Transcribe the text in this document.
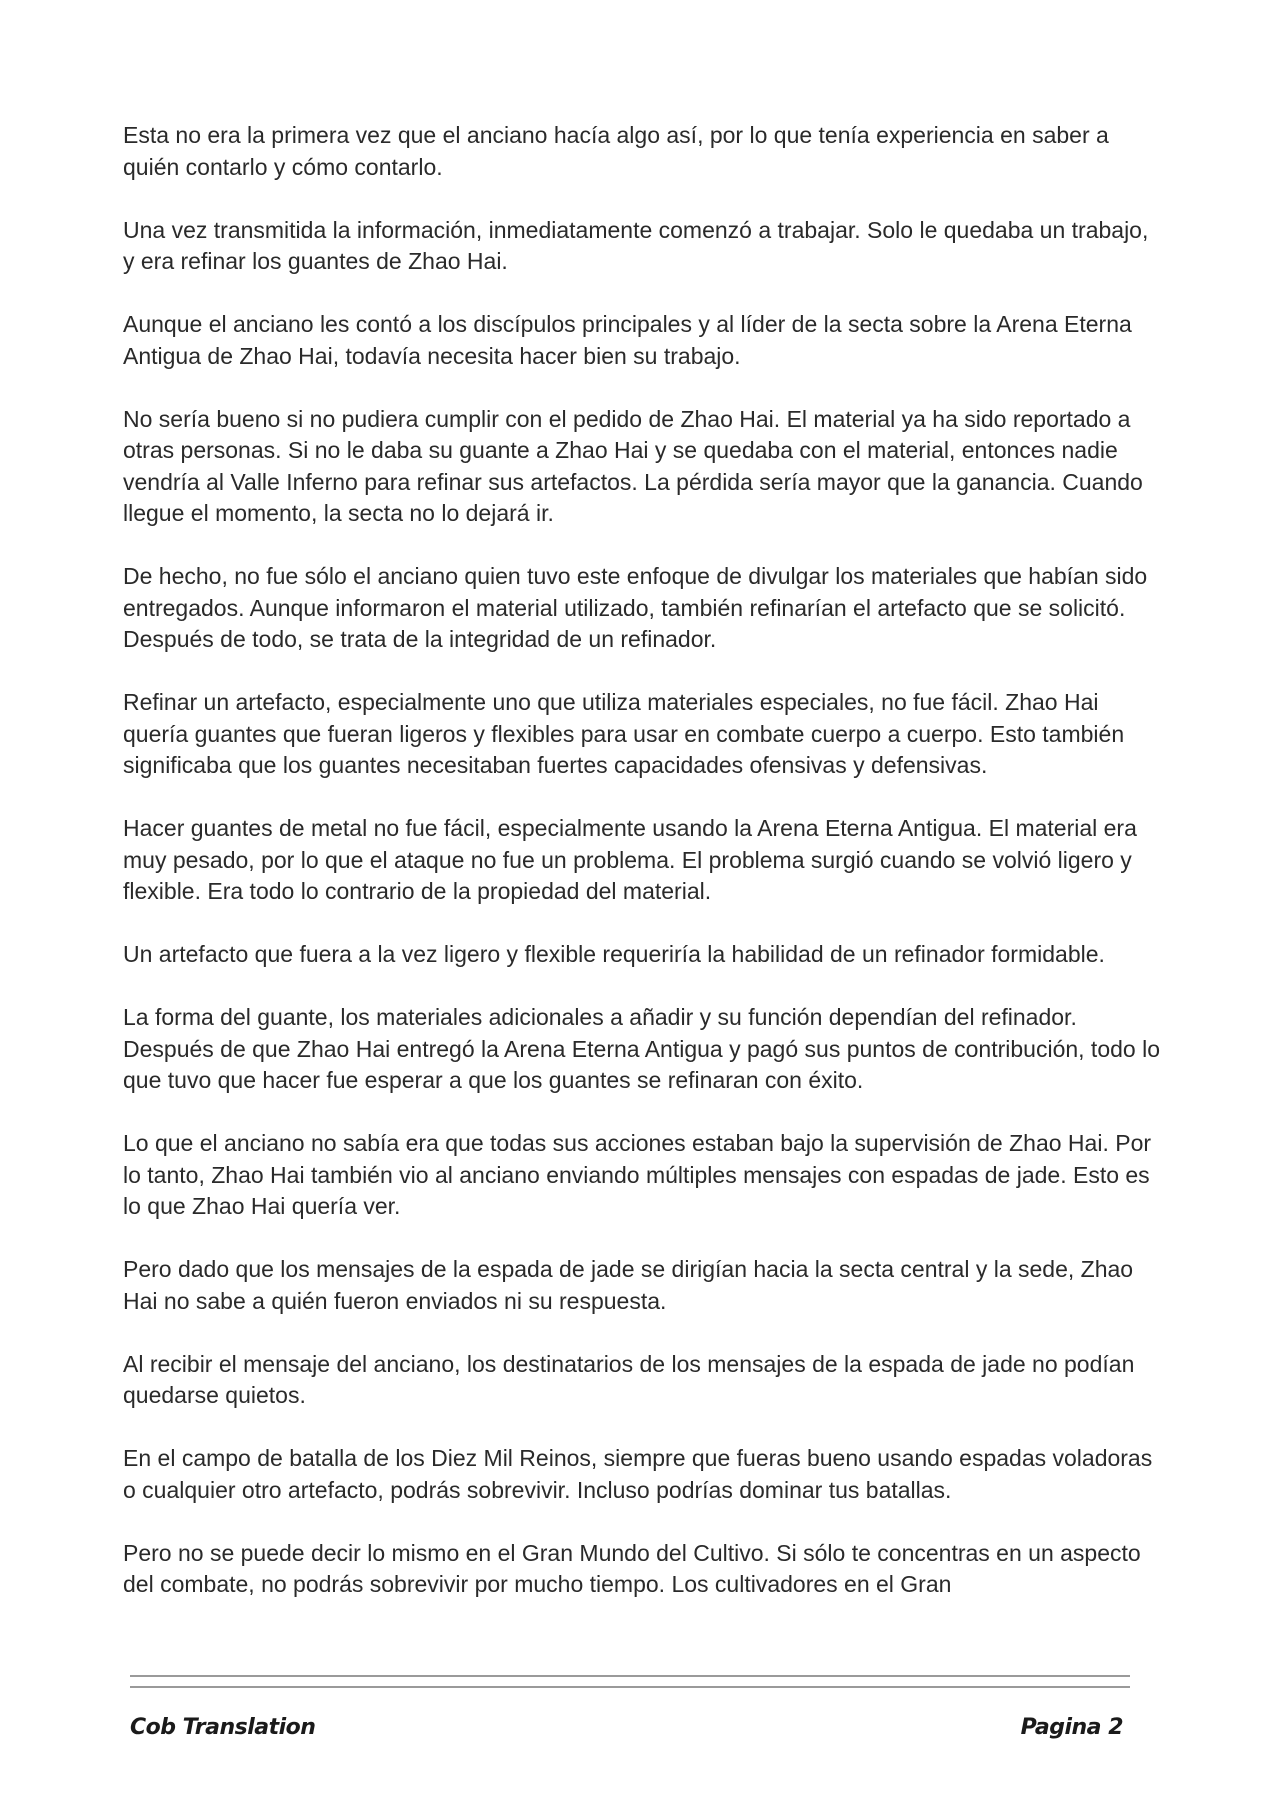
Esta no era la primera vez que el anciano hacía algo así, por lo que tenía experiencia en saber a quién contarlo y cómo contarlo.

Una vez transmitida la información, inmediatamente comenzó a trabajar. Solo le quedaba un trabajo, y era refinar los guantes de Zhao Hai.

Aunque el anciano les contó a los discípulos principales y al líder de la secta sobre la Arena Eterna Antigua de Zhao Hai, todavía necesita hacer bien su trabajo.

No sería bueno si no pudiera cumplir con el pedido de Zhao Hai. El material ya ha sido reportado a otras personas. Si no le daba su guante a Zhao Hai y se quedaba con el material, entonces nadie vendría al Valle Inferno para refinar sus artefactos. La pérdida sería mayor que la ganancia. Cuando llegue el momento, la secta no lo dejará ir.

De hecho, no fue sólo el anciano quien tuvo este enfoque de divulgar los materiales que habían sido entregados. Aunque informaron el material utilizado, también refinarían el artefacto que se solicitó. Después de todo, se trata de la integridad de un refinador.

Refinar un artefacto, especialmente uno que utiliza materiales especiales, no fue fácil. Zhao Hai quería guantes que fueran ligeros y flexibles para usar en combate cuerpo a cuerpo. Esto también significaba que los guantes necesitaban fuertes capacidades ofensivas y defensivas.

Hacer guantes de metal no fue fácil, especialmente usando la Arena Eterna Antigua. El material era muy pesado, por lo que el ataque no fue un problema. El problema surgió cuando se volvió ligero y flexible. Era todo lo contrario de la propiedad del material.

Un artefacto que fuera a la vez ligero y flexible requeriría la habilidad de un refinador formidable.

La forma del guante, los materiales adicionales a añadir y su función dependían del refinador. Después de que Zhao Hai entregó la Arena Eterna Antigua y pagó sus puntos de contribución, todo lo que tuvo que hacer fue esperar a que los guantes se refinaran con éxito.

Lo que el anciano no sabía era que todas sus acciones estaban bajo la supervisión de Zhao Hai. Por lo tanto, Zhao Hai también vio al anciano enviando múltiples mensajes con espadas de jade. Esto es lo que Zhao Hai quería ver.

Pero dado que los mensajes de la espada de jade se dirigían hacia la secta central y la sede, Zhao Hai no sabe a quién fueron enviados ni su respuesta.

Al recibir el mensaje del anciano, los destinatarios de los mensajes de la espada de jade no podían quedarse quietos.

En el campo de batalla de los Diez Mil Reinos, siempre que fueras bueno usando espadas voladoras o cualquier otro artefacto, podrás sobrevivir. Incluso podrías dominar tus batallas.

Pero no se puede decir lo mismo en el Gran Mundo del Cultivo. Si sólo te concentras en un aspecto del combate, no podrás sobrevivir por mucho tiempo. Los cultivadores en el Gran

Cob Translation	Pagina 2
